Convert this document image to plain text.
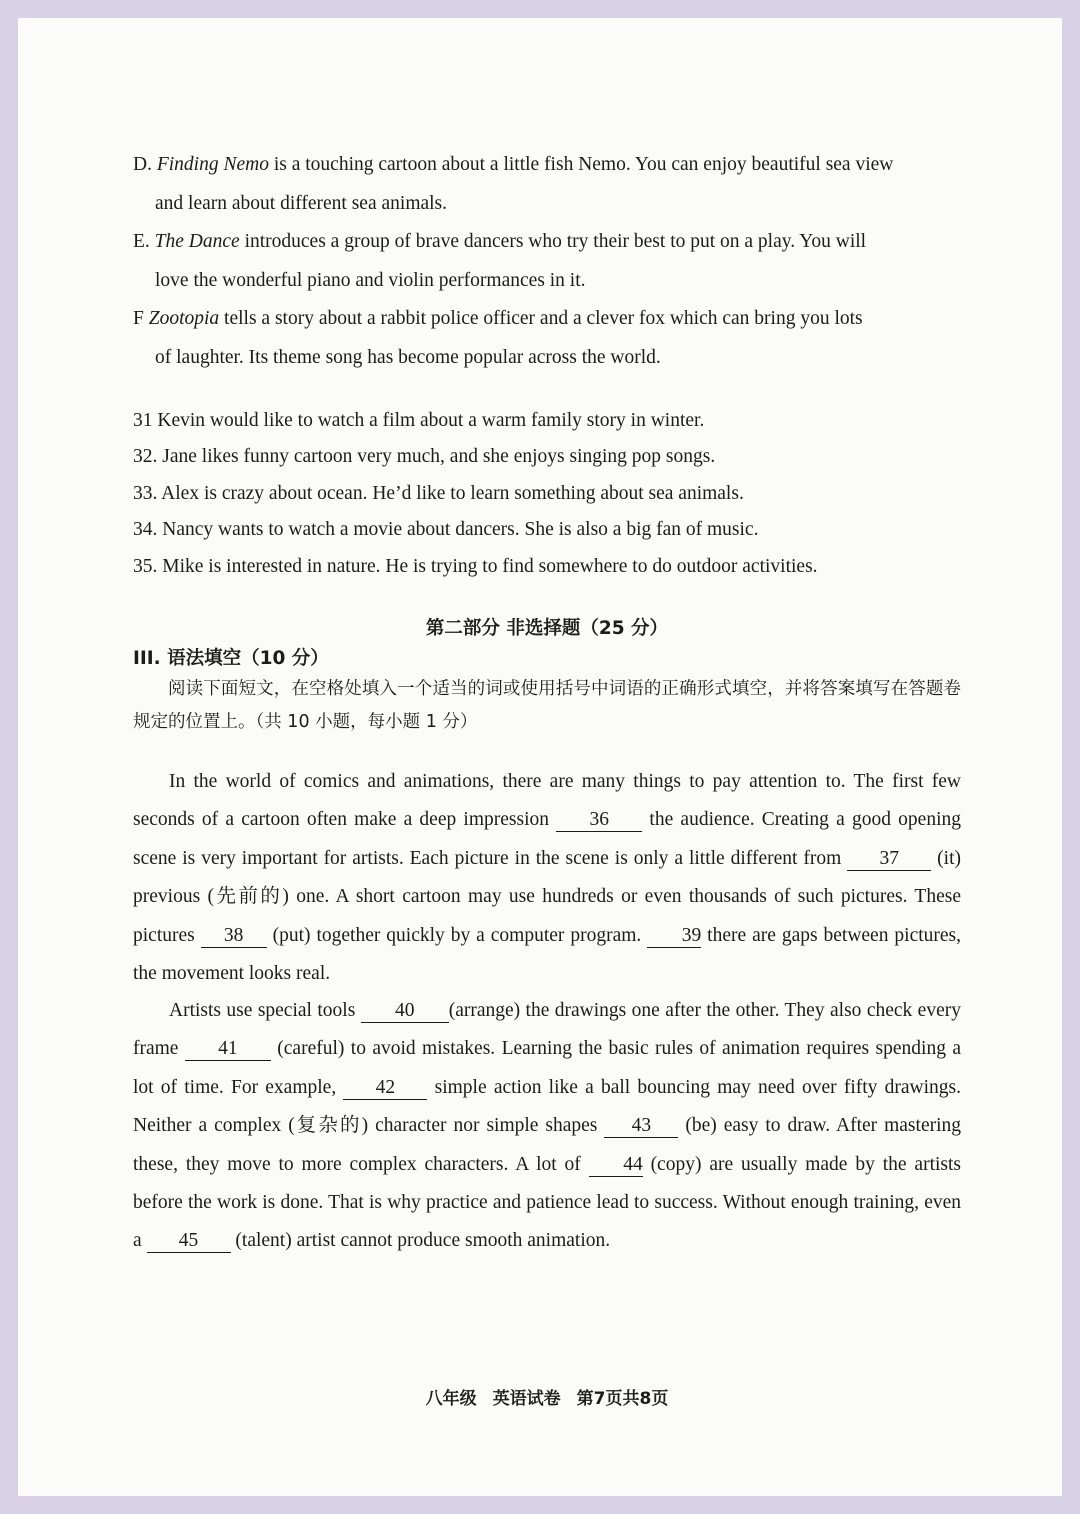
D. Finding Nemo is a touching cartoon about a little fish Nemo. You can enjoy beautiful sea view
and learn about different sea animals.
E. The Dance introduces a group of brave dancers who try their best to put on a play. You will
love the wonderful piano and violin performances in it.
F Zootopia tells a story about a rabbit police officer and a clever fox which can bring you lots
of laughter. Its theme song has become popular across the world.
31 Kevin would like to watch a film about a warm family story in winter.
32. Jane likes funny cartoon very much, and she enjoys singing pop songs.
33. Alex is crazy about ocean. He’d like to learn something about sea animals.
34. Nancy wants to watch a movie about dancers. She is also a big fan of music.
35. Mike is interested in nature. He is trying to find somewhere to do outdoor activities.
第二部分 非选择题（25 分）
III. 语法填空（10 分）
阅读下面短文，在空格处填入一个适当的词或使用括号中词语的正确形式填空，并将答案填写在答题卷规定的位置上。（共 10 小题，每小题 1 分）
In the world of comics and animations, there are many things to pay attention to. The first few seconds of a cartoon often make a deep impression 36 the audience. Creating a good opening scene is very important for artists. Each picture in the scene is only a little different from 37 (it) previous (先前的) one. A short cartoon may use hundreds or even thousands of such pictures. These pictures 38 (put) together quickly by a computer program. 39 there are gaps between pictures, the movement looks real.
Artists use special tools 40 (arrange) the drawings one after the other. They also check every frame 41 (careful) to avoid mistakes. Learning the basic rules of animation requires spending a lot of time. For example, 42 simple action like a ball bouncing may need over fifty drawings. Neither a complex (复杂的) character nor simple shapes 43 (be) easy to draw. After mastering these, they move to more complex characters. A lot of 44 (copy) are usually made by the artists before the work is done. That is why practice and patience lead to success. Without enough training, even a 45 (talent) artist cannot produce smooth animation.
八年级 英语试卷 第7页共8页
